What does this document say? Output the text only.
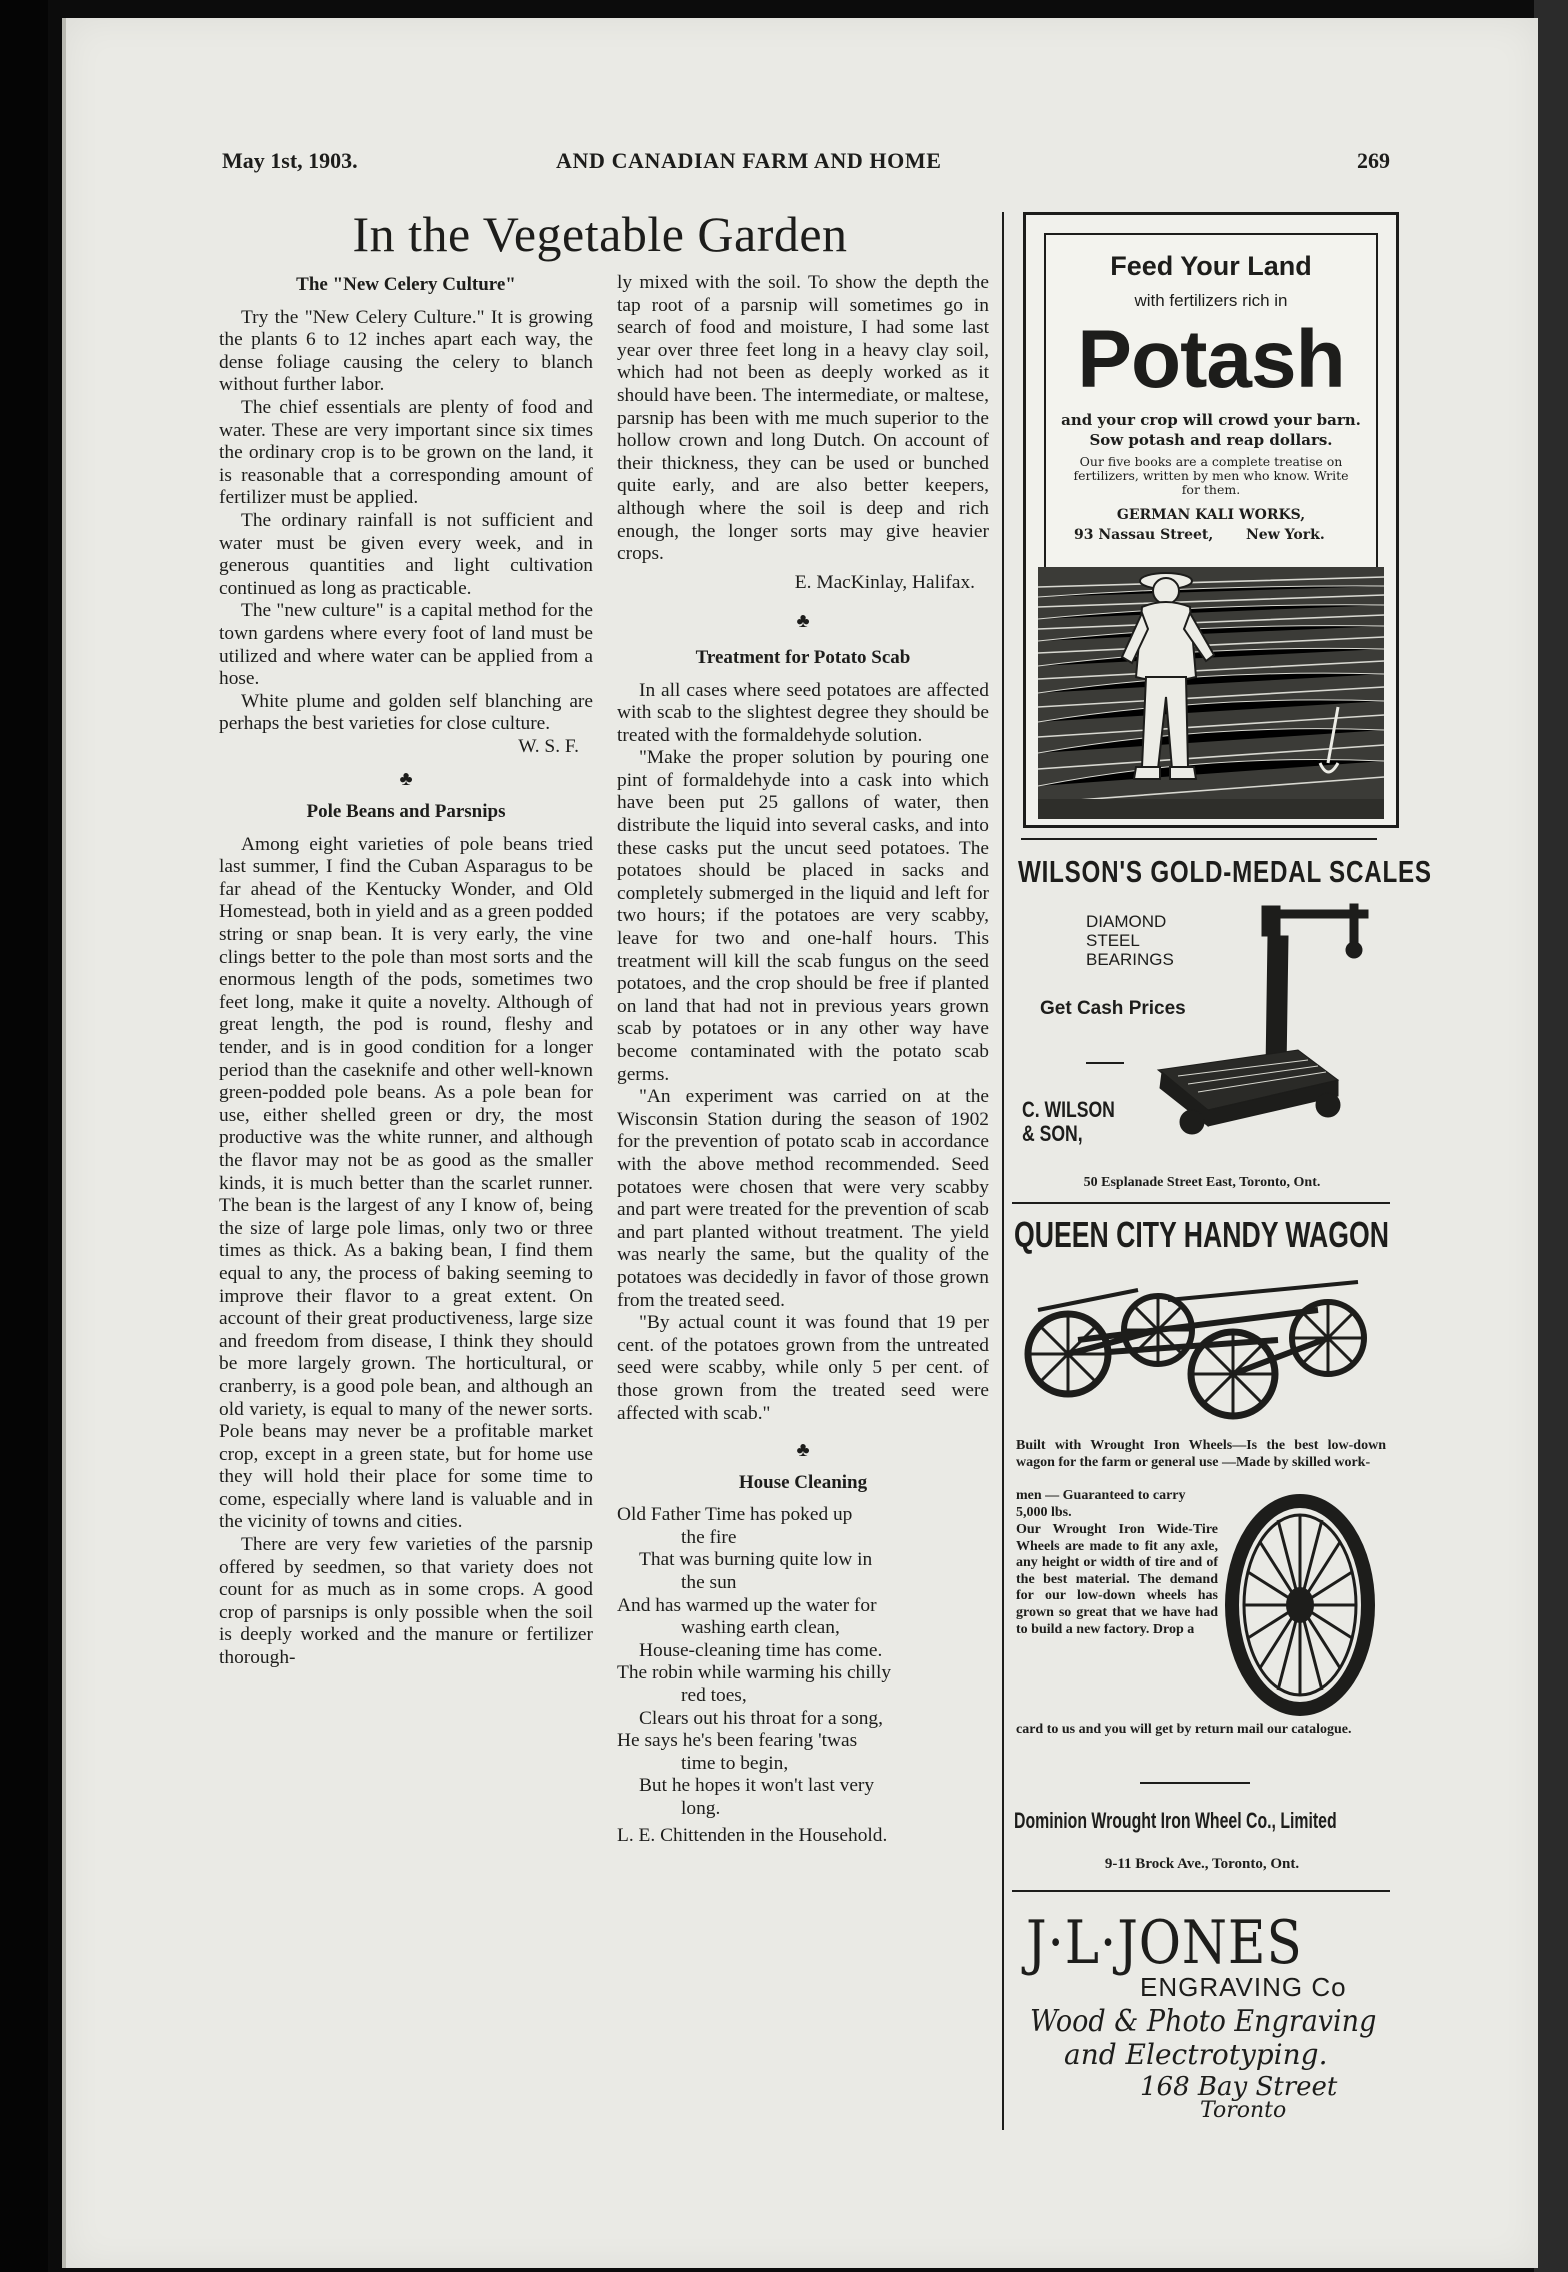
May 1st, 1903.	AND CANADIAN FARM AND HOME	269
In the Vegetable Garden
The "New Celery Culture"

Try the "New Celery Culture." It is growing the plants 6 to 12 inches apart each way, the dense foliage causing the celery to blanch without further labor.

The chief essentials are plenty of food and water. These are very important since six times the ordinary crop is to be grown on the land, it is reasonable that a corresponding amount of fertilizer must be applied.

The ordinary rainfall is not sufficient and water must be given every week, and in generous quantities and light cultivation continued as long as practicable.

The "new culture" is a capital method for the town gardens where every foot of land must be utilized and where water can be applied from a hose.

White plume and golden self blanching are perhaps the best varieties for close culture.

W. S. F.
♣
Pole Beans and Parsnips

Among eight varieties of pole beans tried last summer, I find the Cuban Asparagus to be far ahead of the Kentucky Wonder, and Old Homestead, both in yield and as a green podded string or snap bean. It is very early, the vine clings better to the pole than most sorts and the enormous length of the pods, sometimes two feet long, make it quite a novelty. Although of great length, the pod is round, fleshy and tender, and is in good condition for a longer period than the caseknife and other well-known green-podded pole beans. As a pole bean for use, either shelled green or dry, the most productive was the white runner, and although the flavor may not be as good as the smaller kinds, it is much better than the scarlet runner. The bean is the largest of any I know of, being the size of large pole limas, only two or three times as thick. As a baking bean, I find them equal to any, the process of baking seeming to improve their flavor to a great extent. On account of their great productiveness, large size and freedom from disease, I think they should be more largely grown. The horticultural, or cranberry, is a good pole bean, and although an old variety, is equal to many of the newer sorts. Pole beans may never be a profitable market crop, except in a green state, but for home use they will hold their place for some time to come, especially where land is valuable and in the vicinity of towns and cities.

There are very few varieties of the parsnip offered by seedmen, so that variety does not count for as much as in some crops. A good crop of parsnips is only possible when the soil is deeply worked and the manure or fertilizer thorough-

ly mixed with the soil. To show the depth the tap root of a parsnip will sometimes go in search of food and moisture, I had some last year over three feet long in a heavy clay soil, which had not been as deeply worked as it should have been. The intermediate, or maltese, parsnip has been with me much superior to the hollow crown and long Dutch. On account of their thickness, they can be used or bunched quite early, and are also better keepers, although where the soil is deep and rich enough, the longer sorts may give heavier crops.

E. MacKinlay, Halifax.
♣
Treatment for Potato Scab

In all cases where seed potatoes are affected with scab to the slightest degree they should be treated with the formaldehyde solution.

"Make the proper solution by pouring one pint of formaldehyde into a cask into which have been put 25 gallons of water, then distribute the liquid into several casks, and into these casks put the uncut seed potatoes. The potatoes should be placed in sacks and completely submerged in the liquid and left for two hours; if the potatoes are very scabby, leave for two and one-half hours. This treatment will kill the scab fungus on the seed potatoes, and the crop should be free if planted on land that had not in previous years grown scab by potatoes or in any other way have become contaminated with the potato scab germs.

"An experiment was carried on at the Wisconsin Station during the season of 1902 for the prevention of potato scab in accordance with the above method recommended. Seed potatoes were chosen that were very scabby and part were treated for the prevention of scab and part planted without treatment. The yield was nearly the same, but the quality of the potatoes was decidedly in favor of those grown from the treated seed.

"By actual count it was found that 19 per cent. of the potatoes grown from the untreated seed were scabby, while only 5 per cent. of those grown from the treated seed were affected with scab."

♣
House Cleaning

Old Father Time has poked up

the fire

That was burning quite low in

the sun

And has warmed up the water for

washing earth clean,

House-cleaning time has come.

The robin while warming his chilly

red toes,

Clears out his throat for a song,

He says he's been fearing 'twas

time to begin,

But he hopes it won't last very

long.

L. E. Chittenden in the Household.
Feed Your Land
with fertilizers rich in
Potash
and your crop will crowd your barn.
Sow potash and reap dollars.
Our five books are a complete treatise on fertilizers, written by men who know. Write for them.
GERMAN KALI WORKS,
93 Nassau Street, New York.
WILSON'S GOLD-MEDAL SCALES
DIAMOND
STEEL
BEARINGS
Get Cash Prices
C. WILSON
& SON,
50 Esplanade Street East, Toronto, Ont.
QUEEN CITY HANDY WAGON
Built with Wrought Iron Wheels—Is the best low-down wagon for the farm or general use —Made by skilled work-
men — Guaranteed to carry 5,000 lbs.
Our Wrought Iron Wide-Tire Wheels are made to fit any axle, any height or width of tire and of the best material. The demand for our low-down wheels has grown so great that we have had to build a new factory. Drop a
card to us and you will get by return mail our catalogue.
Dominion Wrought Iron Wheel Co., Limited
9-11 Brock Ave., Toronto, Ont.
J·L·JONES
ENGRAVING Co
Wood & Photo Engraving
and Electrotyping.
168 Bay Street
Toronto
